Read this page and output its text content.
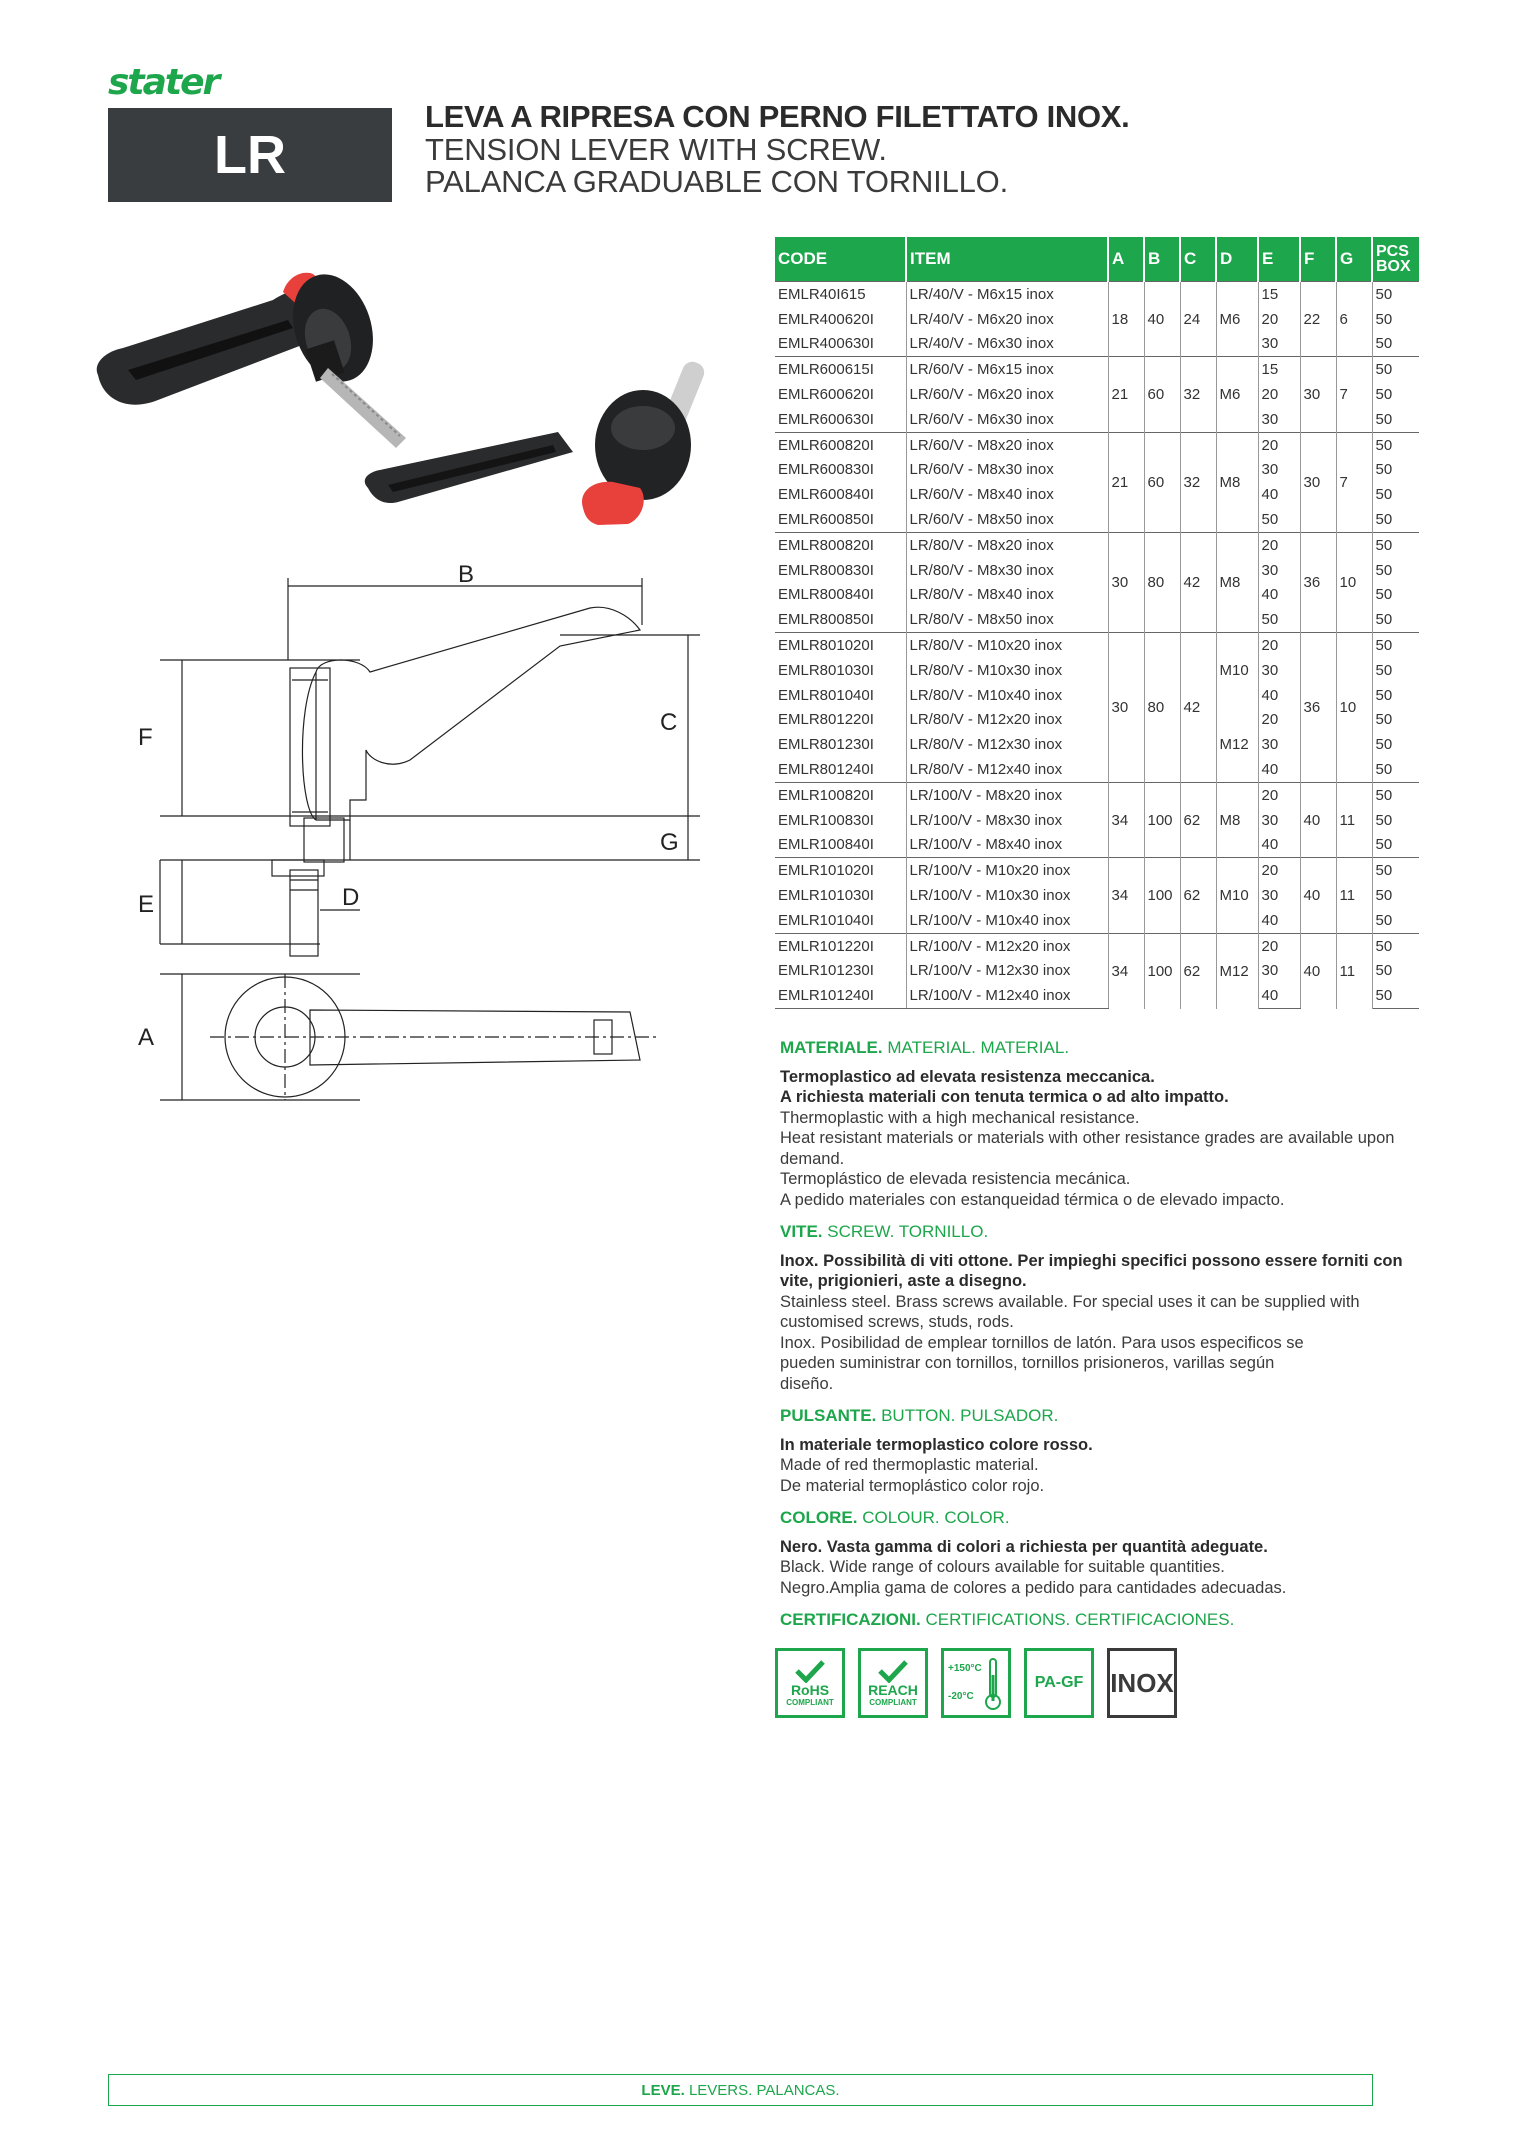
stater
LR
LEVA A RIPRESA CON PERNO FILETTATO INOX.
TENSION LEVER WITH SCREW.
PALANCA GRADUABLE CON TORNILLO.
B
F
C
G
E	D
A
CODE	ITEM	A	B	C	D	E	F	G	PCS
BOX

EMLR40I615	LR/40/V - M6x15 inox	18	40	24	M6	15	22	6	50
EMLR400620I	LR/40/V - M6x20 inox					20			50
EMLR400630I	LR/40/V - M6x30 inox					30			50
EMLR600615I	LR/60/V - M6x15 inox	21	60	32	M6	15	30	7	50
EMLR600620I	LR/60/V - M6x20 inox					20			50
EMLR600630I	LR/60/V - M6x30 inox					30			50
EMLR600820I	LR/60/V - M8x20 inox	21	60	32	M8	20	30	7	50
EMLR600830I	LR/60/V - M8x30 inox					30			50
EMLR600840I	LR/60/V - M8x40 inox					40			50
EMLR600850I	LR/60/V - M8x50 inox					50			50
EMLR800820I	LR/80/V - M8x20 inox	30	80	42	M8	20	36	10	50
EMLR800830I	LR/80/V - M8x30 inox					30			50
EMLR800840I	LR/80/V - M8x40 inox					40			50
EMLR800850I	LR/80/V - M8x50 inox					50			50
EMLR801020I	LR/80/V - M10x20 inox	30	80	42	M10	20	36	10	50
EMLR801030I	LR/80/V - M10x30 inox					30			50
EMLR801040I	LR/80/V - M10x40 inox					40			50
EMLR801220I	LR/80/V - M12x20 inox				M12	20			50
EMLR801230I	LR/80/V - M12x30 inox					30			50
EMLR801240I	LR/80/V - M12x40 inox					40			50
EMLR100820I	LR/100/V - M8x20 inox	34	100	62	M8	20	40	11	50
EMLR100830I	LR/100/V - M8x30 inox					30			50
EMLR100840I	LR/100/V - M8x40 inox					40			50
EMLR101020I	LR/100/V - M10x20 inox	34	100	62	M10	20	40	11	50
EMLR101030I	LR/100/V - M10x30 inox					30			50
EMLR101040I	LR/100/V - M10x40 inox					40			50
EMLR101220I	LR/100/V - M12x20 inox	34	100	62	M12	20	40	11	50
EMLR101230I	LR/100/V - M12x30 inox					30			50
EMLR101240I	LR/100/V - M12x40 inox					40			50
MATERIALE. MATERIAL. MATERIAL.
Termoplastico ad elevata resistenza meccanica.
A richiesta materiali con tenuta termica o ad alto impatto.
Thermoplastic with a high mechanical resistance.
Heat resistant materials or materials with other resistance grades are available upon demand.
Termoplástico de elevada resistencia mecánica.
A pedido materiales con estanqueidad térmica o de elevado impacto.
VITE. SCREW. TORNILLO.
Inox. Possibilità di viti ottone. Per impieghi specifici possono essere forniti con vite, prigionieri, aste a disegno.
Stainless steel. Brass screws available. For special uses it can be supplied with customised screws, studs, rods.
Inox. Posibilidad de emplear tornillos de latón. Para usos especificos se pueden suministrar con tornillos, tornillos prisioneros, varillas según diseño.
PULSANTE. BUTTON. PULSADOR.
In materiale termoplastico colore rosso.
Made of red thermoplastic material.
De material termoplástico color rojo.
COLORE. COLOUR. COLOR.
Nero. Vasta gamma di colori a richiesta per quantità adeguate.
Black. Wide range of colours available for suitable quantities.
Negro.Amplia gama de colores a pedido para cantidades adecuadas.
CERTIFICAZIONI. CERTIFICATIONS. CERTIFICACIONES.
RoHS
COMPLIANT
REACH
COMPLIANT
+150°C
-20°C
PA-GF INOX
LEVE.
LEVERS. PALANCAS.
